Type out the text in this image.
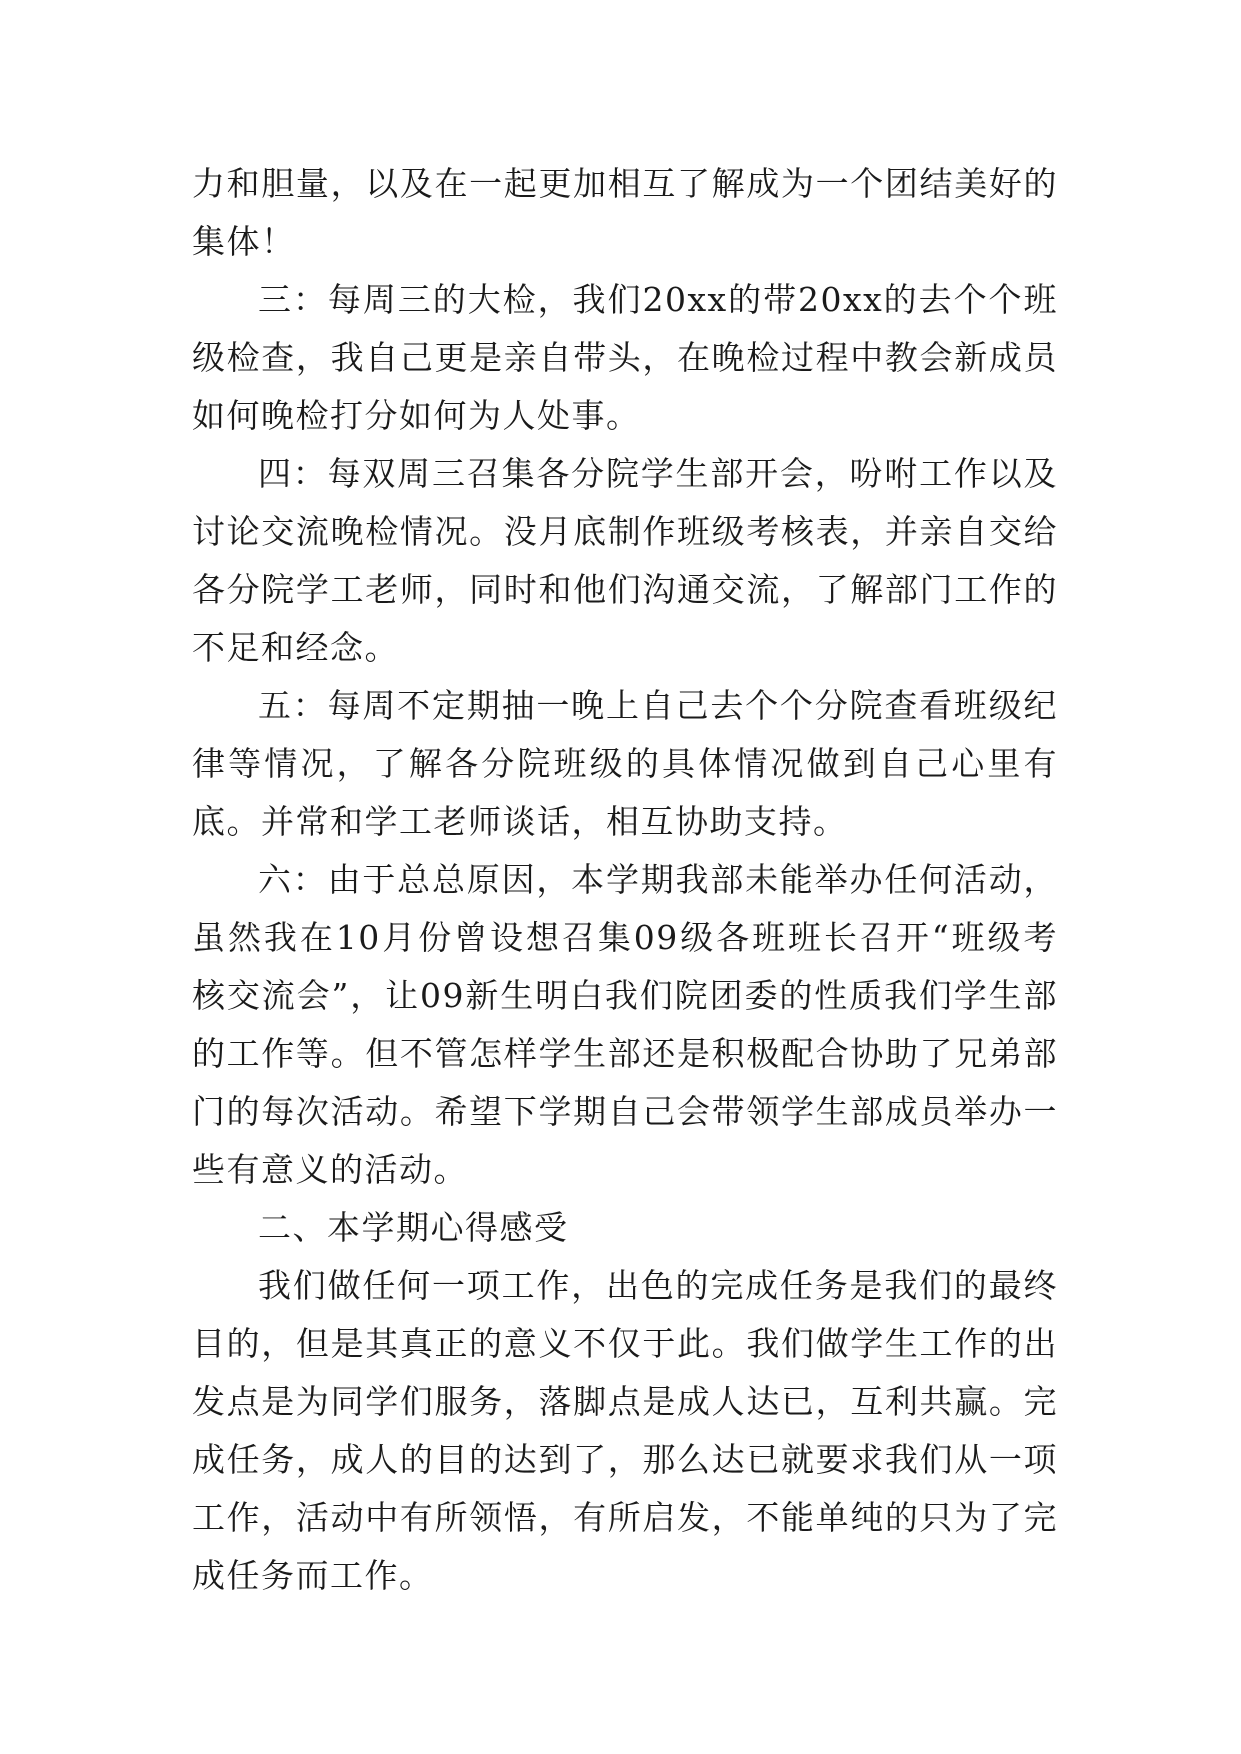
力和胆量，以及在一起更加相互了解成为一个团结美好的集体！

三：每周三的大检，我们20xx的带20xx的去个个班级检查，我自己更是亲自带头，在晚检过程中教会新成员如何晚检打分如何为人处事。

四：每双周三召集各分院学生部开会，吩咐工作以及讨论交流晚检情况。没月底制作班级考核表，并亲自交给各分院学工老师，同时和他们沟通交流，了解部门工作的不足和经念。

五：每周不定期抽一晚上自己去个个分院查看班级纪律等情况，了解各分院班级的具体情况做到自己心里有底。并常和学工老师谈话，相互协助支持。

六：由于总总原因，本学期我部未能举办任何活动，虽然我在10月份曾设想召集09级各班班长召开“班级考核交流会”，让09新生明白我们院团委的性质我们学生部的工作等。但不管怎样学生部还是积极配合协助了兄弟部门的每次活动。希望下学期自己会带领学生部成员举办一些有意义的活动。

二、本学期心得感受

我们做任何一项工作，出色的完成任务是我们的最终目的，但是其真正的意义不仅于此。我们做学生工作的出发点是为同学们服务，落脚点是成人达已，互利共赢。完成任务，成人的目的达到了，那么达已就要求我们从一项工作，活动中有所领悟，有所启发，不能单纯的只为了完成任务而工作。
